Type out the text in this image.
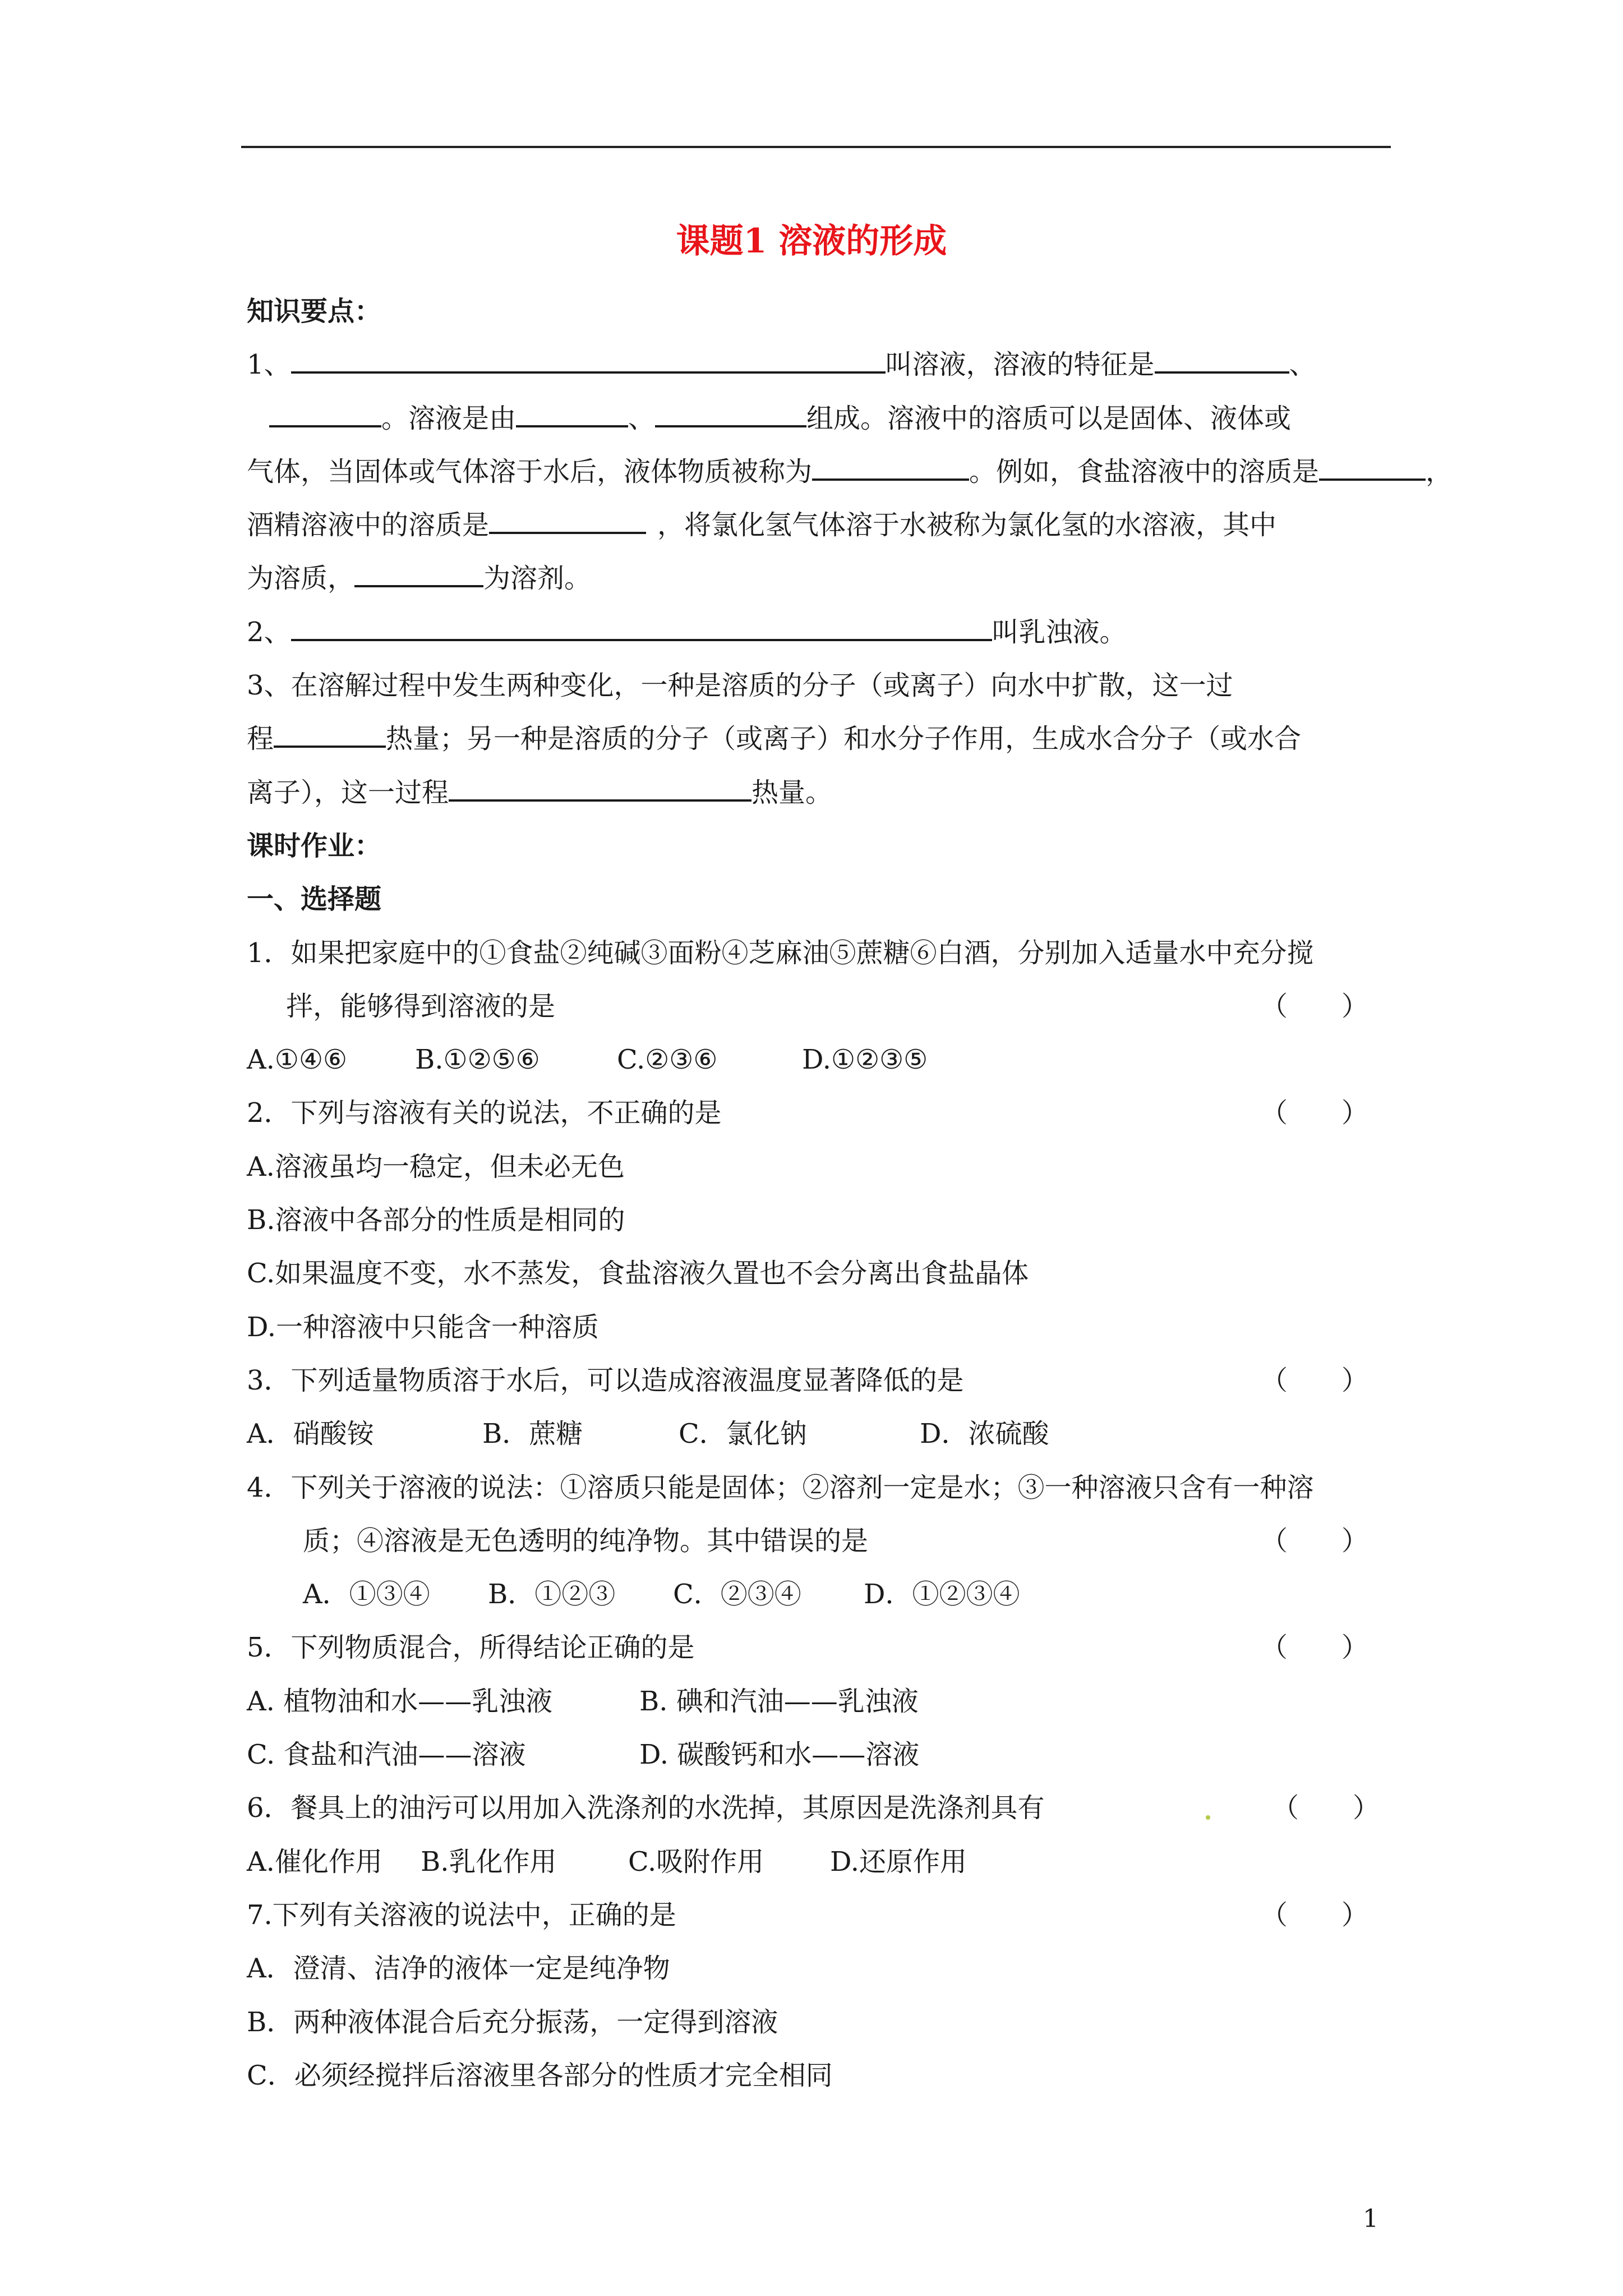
课题1 溶液的形成
知识要点：
1、	叫溶液，溶液的特征是	、
。溶液是由	、	组成。溶液中的溶质可以是固体、液体或
气体，当固体或气体溶于水后，液体物质被称为	。例如，食盐溶液中的溶质是	，
酒精溶液中的溶质是	，将氯化氢气体溶于水被称为氯化氢的水溶液，其中
为溶质，	为溶剂。
2、	叫乳浊液。
3、在溶解过程中发生两种变化，一种是溶质的分子（或离子）向水中扩散，这一过
程	热量；另一种是溶质的分子（或离子）和水分子作用，生成水合分子（或水合
离子），这一过程	热量。
课时作业：
一、选择题
1．如果把家庭中的①食盐②纯碱③面粉④芝麻油⑤蔗糖⑥白酒，分别加入适量水中充分搅
拌，能够得到溶液的是	（　　）
A.①④⑥	B.①②⑤⑥	C.②③⑥	D.①②③⑤
2．下列与溶液有关的说法，不正确的是	（　　）
A.溶液虽均一稳定，但未必无色
B.溶液中各部分的性质是相同的
C.如果温度不变，水不蒸发，食盐溶液久置也不会分离出食盐晶体
D.一种溶液中只能含一种溶质
3．下列适量物质溶于水后，可以造成溶液温度显著降低的是	（　　）
A．硝酸铵	B．蔗糖	C．氯化钠	D．浓硫酸
4．下列关于溶液的说法：①溶质只能是固体；②溶剂一定是水；③一种溶液只含有一种溶
质；④溶液是无色透明的纯净物。其中错误的是	（　　）
A．①③④ B．①②③ C．②③④ D．①②③④
5．下列物质混合，所得结论正确的是	（　　）
A. 植物油和水——乳浊液	B. 碘和汽油——乳浊液
C. 食盐和汽油——溶液	D. 碳酸钙和水——溶液
6．餐具上的油污可以用加入洗涤剂的水洗掉，其原因是洗涤剂具有	（　　）
A.催化作用 B.乳化作用	C.吸附作用 D.还原作用
7.下列有关溶液的说法中，正确的是	（　　）
A．澄清、洁净的液体一定是纯净物
B．两种液体混合后充分振荡，一定得到溶液
C．必须经搅拌后溶液里各部分的性质才完全相同
1
